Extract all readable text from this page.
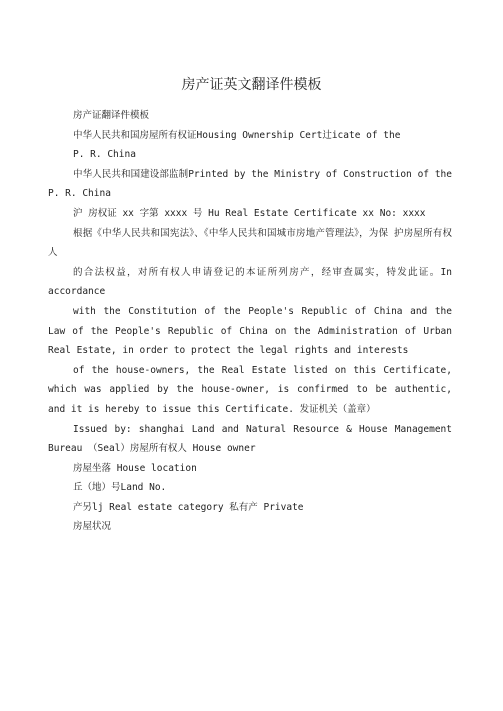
房产证英文翻译件模板

房产证翻译件模板

中华人民共和国房屋所有权证Housing Ownership Cert辻icate of the

P. R. China

中华人民共和国建设部监制Printed by the Ministry of Construction of the P. R. China

沪 房权证 xx 字第 xxxx 号 Hu Real Estate Certificate xx No: xxxx

根据《中华人民共和国宪法》、《中华人民共和国城市房地产管理法》，为保 护房屋所有权人

的合法权益，对所有权人申请登记的本证所列房产，经审查属实，特发此证。In accordance

with the Constitution of the People's Republic of China and the Law of the People's Republic of China on the Administration of Urban Real Estate, in order to protect the legal rights and interests

of the house-owners, the Real Estate listed on this Certificate, which was applied by the house-owner, is confirmed to be authentic, and it is hereby to issue this Certificate. 发证机关（盖章）

Issued by: shanghai Land and Natural Resource & House Management Bureau （Seal）房屋所有权人 House owner

房屋坐落 House location

丘（地）号Land No.

产另lj Real estate category 私有产 Private

房屋状况
